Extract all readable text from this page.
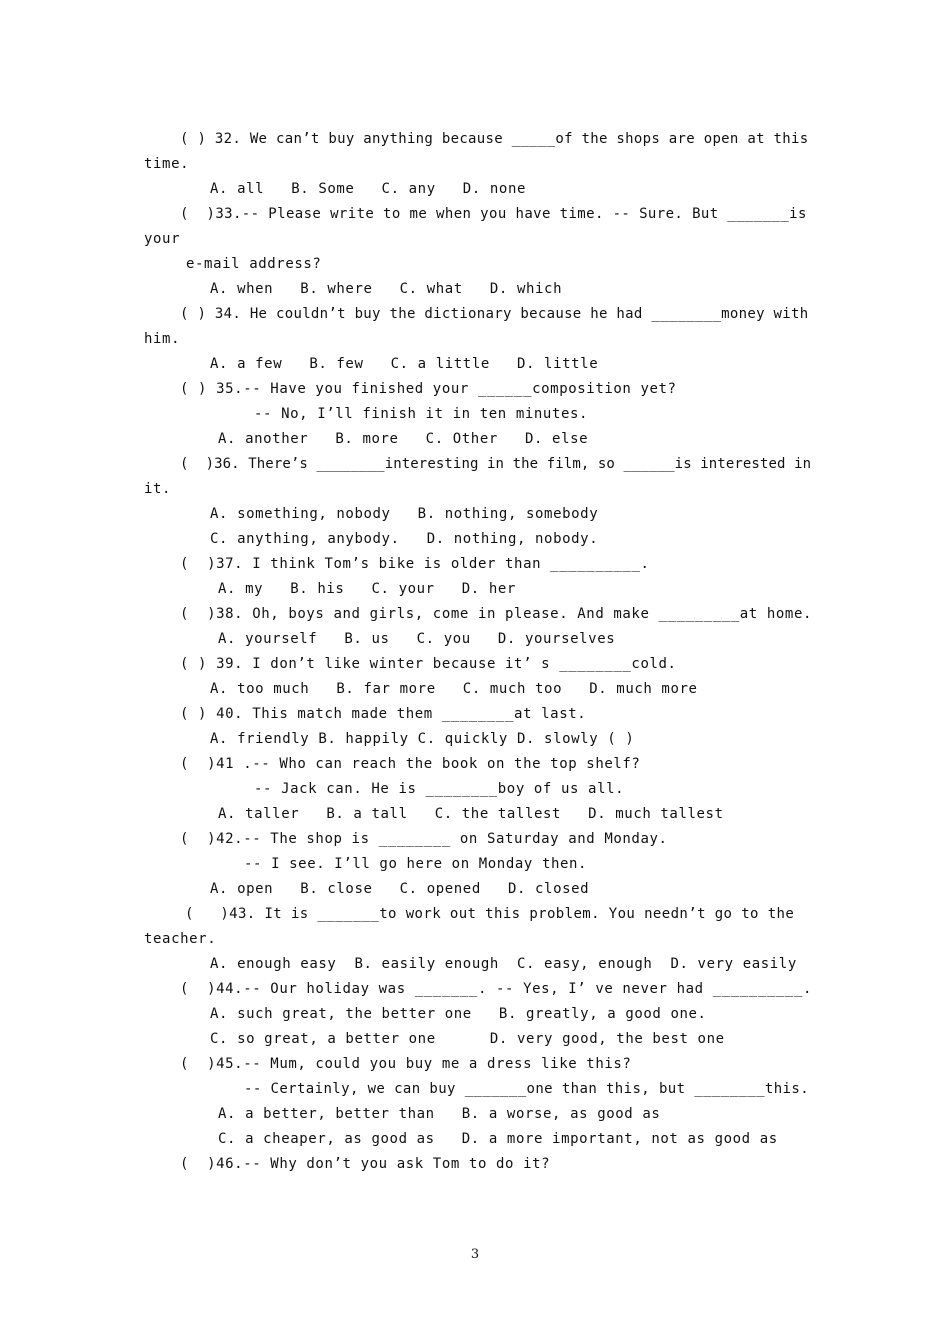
( ) 32. We can’t buy anything because _____of the shops are open at this
time.
A. all   B. Some   C. any   D. none
(  )33.-- Please write to me when you have time. -- Sure. But _______is
your
e-mail address?
A. when   B. where   C. what   D. which
( ) 34. He couldn’t buy the dictionary because he had ________money with
him.
A. a few   B. few   C. a little   D. little
( ) 35.-- Have you finished your ______composition yet?
-- No, I’ll finish it in ten minutes.
A. another   B. more   C. Other   D. else
(  )36. There’s ________interesting in the film, so ______is interested in
it.
A. something, nobody   B. nothing, somebody
C. anything, anybody.   D. nothing, nobody.
(  )37. I think Tom’s bike is older than __________.
A. my   B. his   C. your   D. her
(  )38. Oh, boys and girls, come in please. And make _________at home.
A. yourself   B. us   C. you   D. yourselves
( ) 39. I don’t like winter because it’ s ________cold.
A. too much   B. far more   C. much too   D. much more
( ) 40. This match made them ________at last.
A. friendly B. happily C. quickly D. slowly ( )
(  )41 .-- Who can reach the book on the top shelf?
-- Jack can. He is ________boy of us all.
A. taller   B. a tall   C. the tallest   D. much tallest
(  )42.-- The shop is ________ on Saturday and Monday.
-- I see. I’ll go here on Monday then.
A. open   B. close   C. opened   D. closed
(   )43. It is _______to work out this problem. You needn’t go to the
teacher.
A. enough easy  B. easily enough  C. easy, enough  D. very easily
(  )44.-- Our holiday was _______. -- Yes, I’ ve never had __________.
A. such great, the better one   B. greatly, a good one.
C. so great, a better one      D. very good, the best one
(  )45.-- Mum, could you buy me a dress like this?
-- Certainly, we can buy _______one than this, but ________this.
A. a better, better than   B. a worse, as good as
C. a cheaper, as good as   D. a more important, not as good as
(  )46.-- Why don’t you ask Tom to do it?
3
